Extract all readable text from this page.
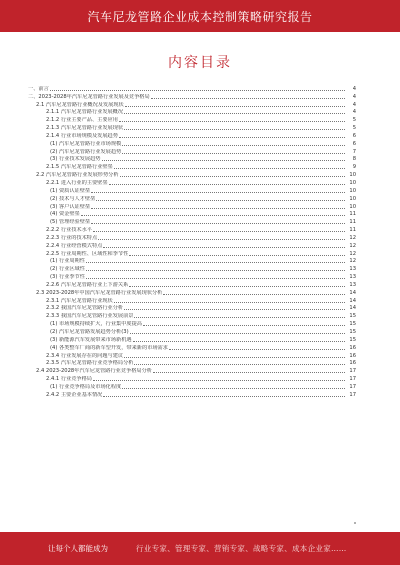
汽车尼龙管路企业成本控制策略研究报告
内容目录
一、前言	4
二、2023-2028年汽车尼龙管路行业发展及竞争格局	4
2.1 汽车尼龙管路行业概况及发展现状	4
2.1.1 汽车尼龙管路行业发展概况	4
2.1.2 行业主要产品、主要应用	5
2.1.3 汽车尼龙管路行业发展现状	5
2.1.4 行业市场规模及发展趋势	6
(1) 汽车尼龙管路行业市场规模	6
(2) 汽车尼龙管路行业发展趋势	7
(3) 行业技术发展趋势	8
2.1.5 汽车尼龙管路行业壁垒	9
2.2 汽车尼龙管路行业发展形势分析	10
2.2.1 进入行业的主要壁垒	10
(1) 资质认证壁垒	10
(2) 技术与人才壁垒	10
(3) 客户认证壁垒	10
(4) 资金壁垒	11
(5) 管理经验壁垒	11
2.2.2 行业技术水平	11
2.2.3 行业的技术特点	12
2.2.4 行业经营模式特点	12
2.2.5 行业周期性、区域性和季节性	12
(1) 行业周期性	12
(2) 行业区域性	13
(3) 行业季节性	13
2.2.6 汽车尼龙管路行业上下游关系	13
2.3 2023-2028年中国汽车尼龙管路行业发展现状分析	14
2.3.1 汽车尼龙管路行业现状	14
2.3.2 我国汽车尼龙管路行业分析	14
2.3.3 我国汽车尼龙管路行业发展前景	15
(1) 市场规模持续扩大，行业集中度提高	15
(2) 汽车尼龙管路发展趋势分析(3)	15
(3) 新能源汽车发展带来市场新机遇	15
(4) 各类整车厂商的新车型开发，带来新的市场需求	16
2.3.4 行业发展存在的问题与建议	16
2.3.5 汽车尼龙管路行业竞争格局分析	16
2.4 2023-2028年汽车尼龙管路行业竞争格局分析	17
2.4.1 行业竞争格局	17
(1) 行业竞争格局及市场化程度	17
2.4.2 主要企业基本情况	17
让每个人都能成为	行业专家、管理专家、营销专家、战略专家、成本企业家……
